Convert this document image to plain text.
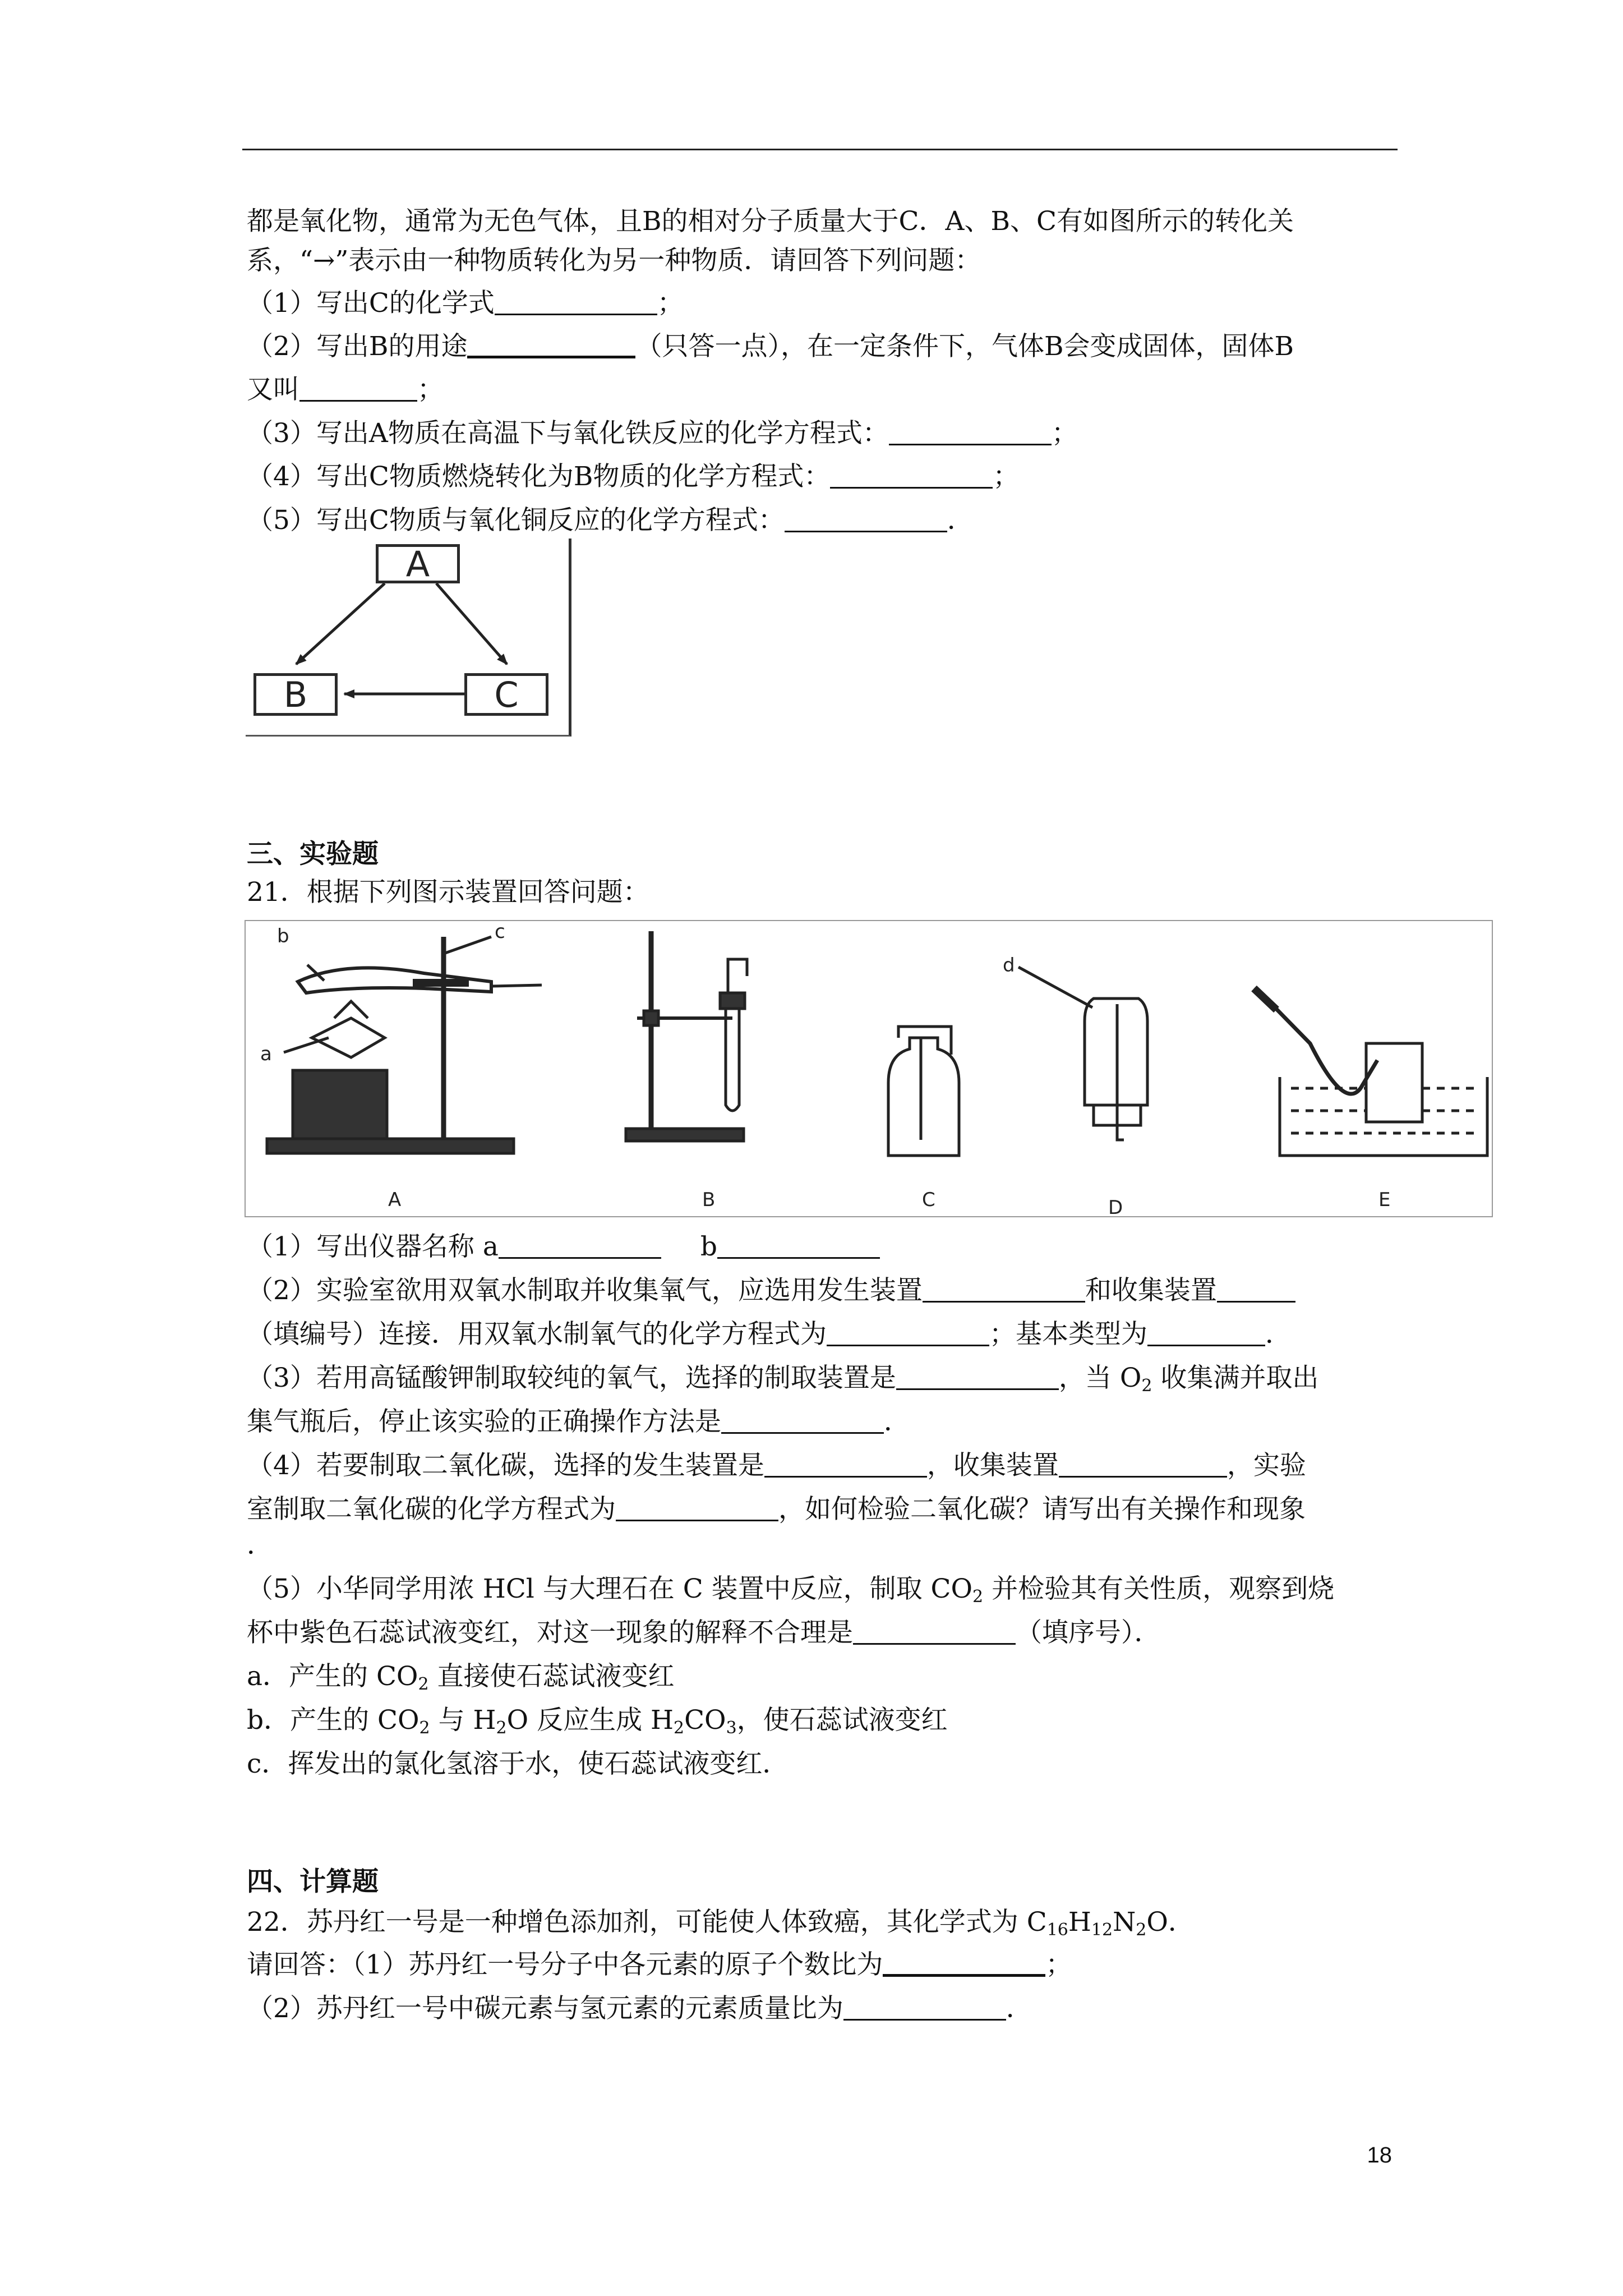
都是氧化物，通常为无色气体，且B的相对分子质量大于C．A、B、C有如图所示的转化关
系，“→”表示由一种物质转化为另一种物质．请回答下列问题：
（1）写出C的化学式	；
（2）写出B的用途	（只答一点），在一定条件下，气体B会变成固体，固体B
又叫	；
（3）写出A物质在高温下与氧化铁反应的化学方程式：	；
（4）写出C物质燃烧转化为B物质的化学方程式：	；
（5）写出C物质与氧化铜反应的化学方程式：	．
A
B	C
三、实验题
21．根据下列图示装置回答问题：
b	c
a
A	B	C
d
D	E
（1）写出仪器名称 a	b
（2）实验室欲用双氧水制取并收集氧气，应选用发生装置	和收集装置
（填编号）连接．用双氧水制氧气的化学方程式为	；基本类型为	．
（3）若用高锰酸钾制取较纯的氧气，选择的制取装置是	，当 $O_2$ 收集满并取出
集气瓶后，停止该实验的正确操作方法是	．
（4）若要制取二氧化碳，选择的发生装置是	，收集装置	，实验
室制取二氧化碳的化学方程式为	，如何检验二氧化碳？请写出有关操作和现象
．
（5）小华同学用浓 HCl 与大理石在 C 装置中反应，制取 $CO_2$ 并检验其有关性质，观察到烧
杯中紫色石蕊试液变红，对这一现象的解释不合理是	（填序号）．
a．产生的 $CO_2$ 直接使石蕊试液变红
b．产生的 $CO_2$ 与 $H_2O$ 反应生成 $H_2CO_3$，使石蕊试液变红
c．挥发出的氯化氢溶于水，使石蕊试液变红．
四、计算题
22．苏丹红一号是一种增色添加剂，可能使人体致癌，其化学式为 $C_{16}H_{12}N_2O$．
请回答：（1）苏丹红一号分子中各元素的原子个数比为	；
（2）苏丹红一号中碳元素与氢元素的元素质量比为	．
18
